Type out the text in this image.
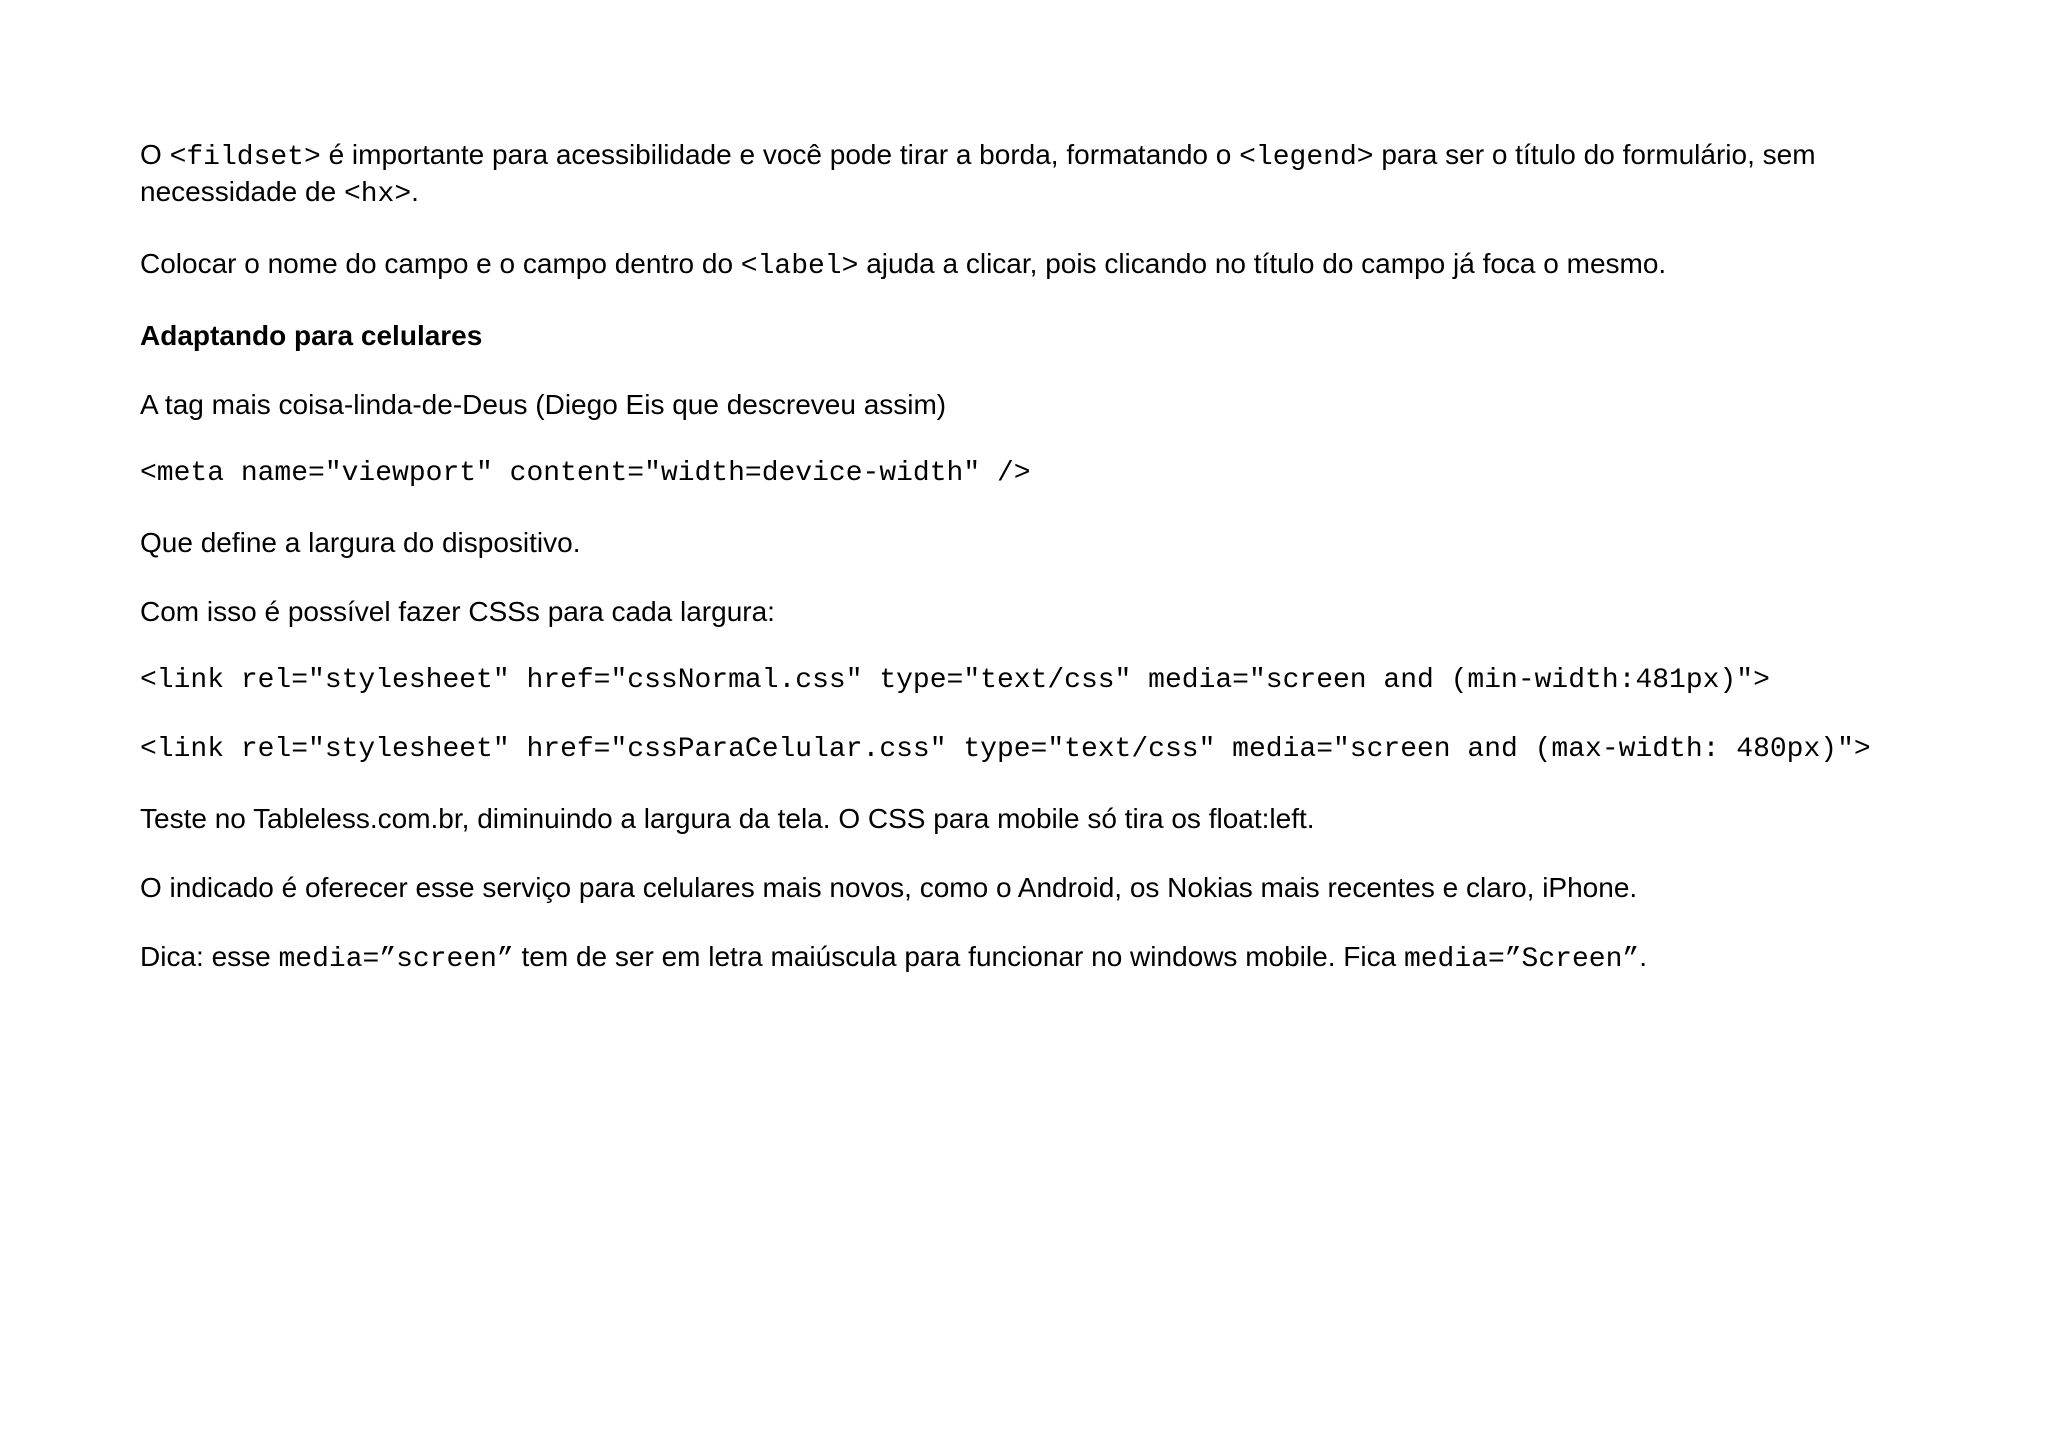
O <fildset> é importante para acessibilidade e você pode tirar a borda, formatando o <legend> para ser o título do formulário, sem necessidade de <hx>.

Colocar o nome do campo e o campo dentro do <label> ajuda a clicar, pois clicando no título do campo já foca o mesmo.

Adaptando para celulares

A tag mais coisa-linda-de-Deus (Diego Eis que descreveu assim)

<meta name="viewport" content="width=device-width" />

Que define a largura do dispositivo.

Com isso é possível fazer CSSs para cada largura:

<link rel="stylesheet" href="cssNormal.css" type="text/css" media="screen and (min-width:481px)">
<link rel="stylesheet" href="cssParaCelular.css" type="text/css" media="screen and (max-width: 480px)">

Teste no Tableless.com.br, diminuindo a largura da tela. O CSS para mobile só tira os float:left.

O indicado é oferecer esse serviço para celulares mais novos, como o Android, os Nokias mais recentes e claro, iPhone.

Dica: esse media=”screen” tem de ser em letra maiúscula para funcionar no windows mobile. Fica media=”Screen”.
